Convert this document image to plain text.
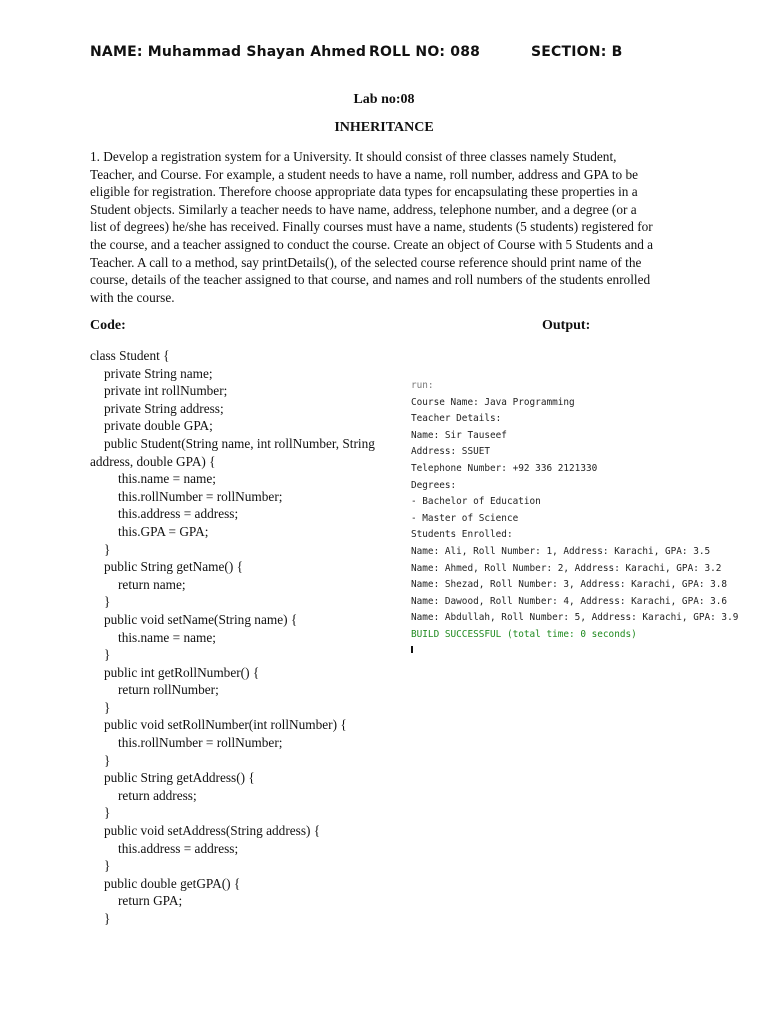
NAME: Muhammad Shayan Ahmed ROLL NO: 088	SECTION: B
Lab no:08
INHERITANCE
1. Develop a registration system for a University. It should consist of three classes namely Student,
Teacher, and Course. For example, a student needs to have a name, roll number, address and GPA to be
eligible for registration. Therefore choose appropriate data types for encapsulating these properties in a
Student objects. Similarly a teacher needs to have name, address, telephone number, and a degree (or a
list of degrees) he/she has received. Finally courses must have a name, students (5 students) registered for
the course, and a teacher assigned to conduct the course. Create an object of Course with 5 Students and a
Teacher. A call to a method, say printDetails(), of the selected course reference should print name of the
course, details of the teacher assigned to that course, and names and roll numbers of the students enrolled
with the course.
Code:	Output:
class Student {
private String name;
private int rollNumber;
private String address;
private double GPA;
public Student(String name, int rollNumber, String
address, double GPA) {
this.name = name;
this.rollNumber = rollNumber;
this.address = address;
this.GPA = GPA;
}
public String getName() {
return name;
}
public void setName(String name) {
this.name = name;
}
public int getRollNumber() {
return rollNumber;
}
public void setRollNumber(int rollNumber) {
this.rollNumber = rollNumber;
}
public String getAddress() {
return address;
}
public void setAddress(String address) {
this.address = address;
}
public double getGPA() {
return GPA;
}
run:
Course Name: Java Programming
Teacher Details:
Name: Sir Tauseef
Address: SSUET
Telephone Number: +92 336 2121330
Degrees:
- Bachelor of Education
- Master of Science
Students Enrolled:
Name: Ali, Roll Number: 1, Address: Karachi, GPA: 3.5
Name: Ahmed, Roll Number: 2, Address: Karachi, GPA: 3.2
Name: Shezad, Roll Number: 3, Address: Karachi, GPA: 3.8
Name: Dawood, Roll Number: 4, Address: Karachi, GPA: 3.6
Name: Abdullah, Roll Number: 5, Address: Karachi, GPA: 3.9
BUILD SUCCESSFUL (total time: 0 seconds)
